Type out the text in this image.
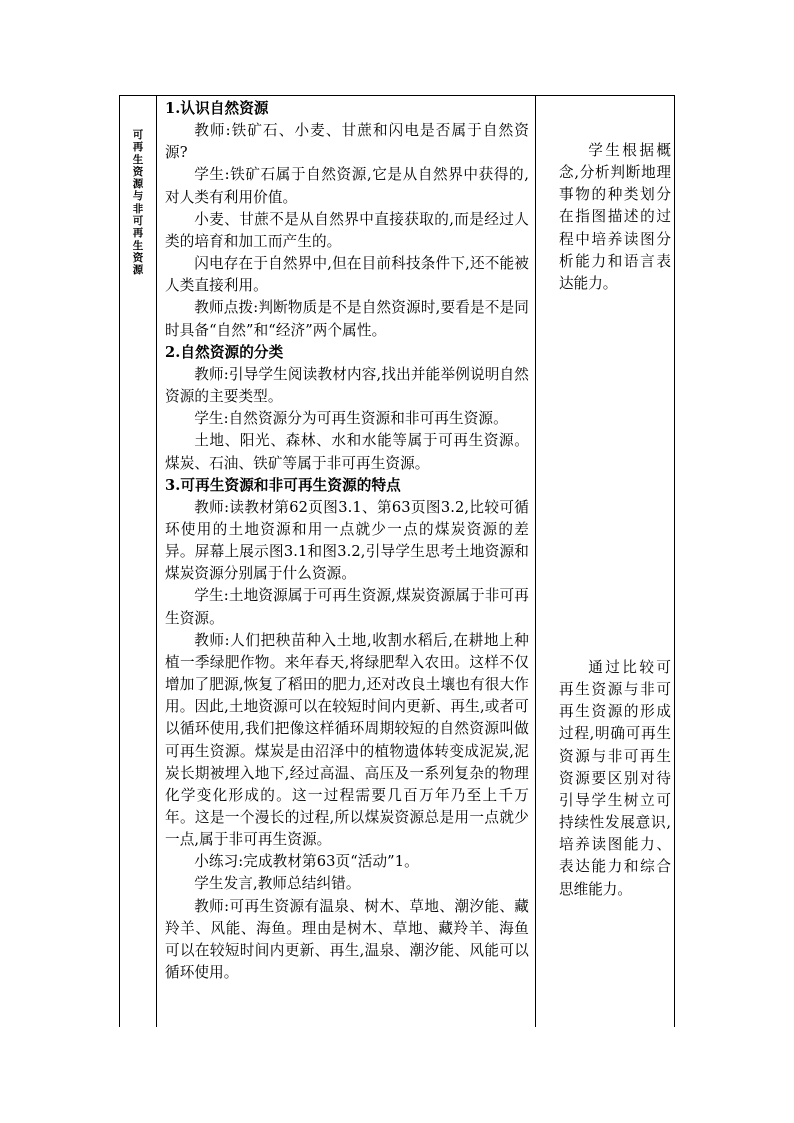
可
再
生
资
源
与
非
可
再
生
资
源

1.认识自然资源

教师:铁矿石、小麦、甘蔗和闪电是否属于自然资源?

学生:铁矿石属于自然资源,它是从自然界中获得的,对人类有利用价值。

小麦、甘蔗不是从自然界中直接获取的,而是经过人类的培育和加工而产生的。

闪电存在于自然界中,但在目前科技条件下,还不能被人类直接利用。

教师点拨:判断物质是不是自然资源时,要看是不是同时具备“自然”和“经济”两个属性。

2.自然资源的分类

教师:引导学生阅读教材内容,找出并能举例说明自然资源的主要类型。

学生:自然资源分为可再生资源和非可再生资源。

土地、阳光、森林、水和水能等属于可再生资源。煤炭、石油、铁矿等属于非可再生资源。

3.可再生资源和非可再生资源的特点

教师:读教材第62页图3.1、第63页图3.2,比较可循环使用的土地资源和用一点就少一点的煤炭资源的差异。屏幕上展示图3.1和图3.2,引导学生思考土地资源和煤炭资源分别属于什么资源。

学生:土地资源属于可再生资源,煤炭资源属于非可再生资源。

教师:人们把秧苗种入土地,收割水稻后,在耕地上种植一季绿肥作物。来年春天,将绿肥犁入农田。这样不仅增加了肥源,恢复了稻田的肥力,还对改良土壤也有很大作用。因此,土地资源可以在较短时间内更新、再生,或者可以循环使用,我们把像这样循环周期较短的自然资源叫做可再生资源。煤炭是由沼泽中的植物遗体转变成泥炭,泥炭长期被埋入地下,经过高温、高压及一系列复杂的物理化学变化形成的。这一过程需要几百万年乃至上千万年。这是一个漫长的过程,所以煤炭资源总是用一点就少一点,属于非可再生资源。

小练习:完成教材第63页“活动”1。

学生发言,教师总结纠错。

教师:可再生资源有温泉、树木、草地、潮汐能、藏羚羊、风能、海鱼。理由是树木、草地、藏羚羊、海鱼可以在较短时间内更新、再生,温泉、潮汐能、风能可以循环使用。

学生根据概念,分析判断地理事物的种类划分在指图描述的过程中培养读图分析能力和语言表达能力。

通过比较可再生资源与非可再生资源的形成过程,明确可再生资源与非可再生资源要区别对待引导学生树立可持续性发展意识,培养读图能力、表达能力和综合思维能力。
